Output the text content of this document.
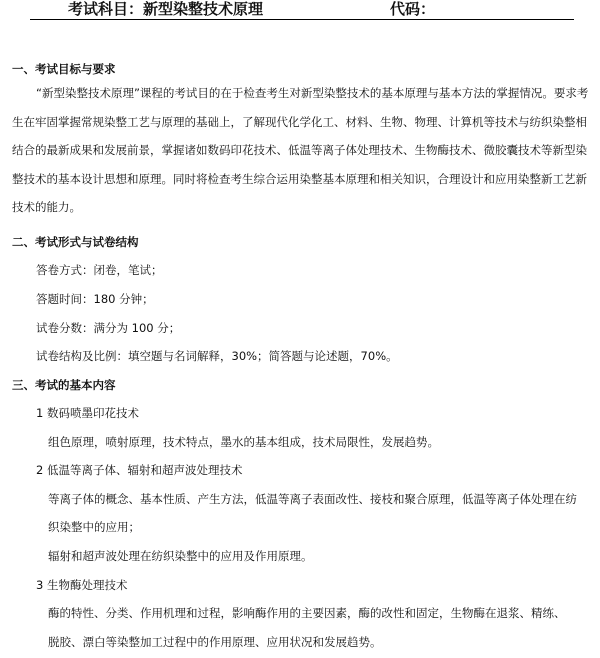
考试科目：新型染整技术原理	代码：
一、考试目标与要求

“新型染整技术原理”课程的考试目的在于检查考生对新型染整技术的基本原理与基本方法的掌握情况。要求考生在牢固掌握常规染整工艺与原理的基础上，了解现代化学化工、材料、生物、物理、计算机等技术与纺织染整相结合的最新成果和发展前景，掌握诸如数码印花技术、低温等离子体处理技术、生物酶技术、微胶囊技术等新型染整技术的基本设计思想和原理。同时将检查考生综合运用染整基本原理和相关知识，合理设计和应用染整新工艺新技术的能力。

二、考试形式与试卷结构
答卷方式：闭卷，笔试；
答题时间：180 分钟；
试卷分数：满分为 100 分；
试卷结构及比例：填空题与名词解释，30%；简答题与论述题，70%。
三、考试的基本内容
1 数码喷墨印花技术
组色原理，喷射原理，技术特点，墨水的基本组成，技术局限性，发展趋势。
2 低温等离子体、辐射和超声波处理技术
等离子体的概念、基本性质、产生方法，低温等离子表面改性、接枝和聚合原理，低温等离子体处理在纺
织染整中的应用；
辐射和超声波处理在纺织染整中的应用及作用原理。
3 生物酶处理技术
酶的特性、分类、作用机理和过程，影响酶作用的主要因素，酶的改性和固定，生物酶在退浆、精练、
脱胶、漂白等染整加工过程中的作用原理、应用状况和发展趋势。
